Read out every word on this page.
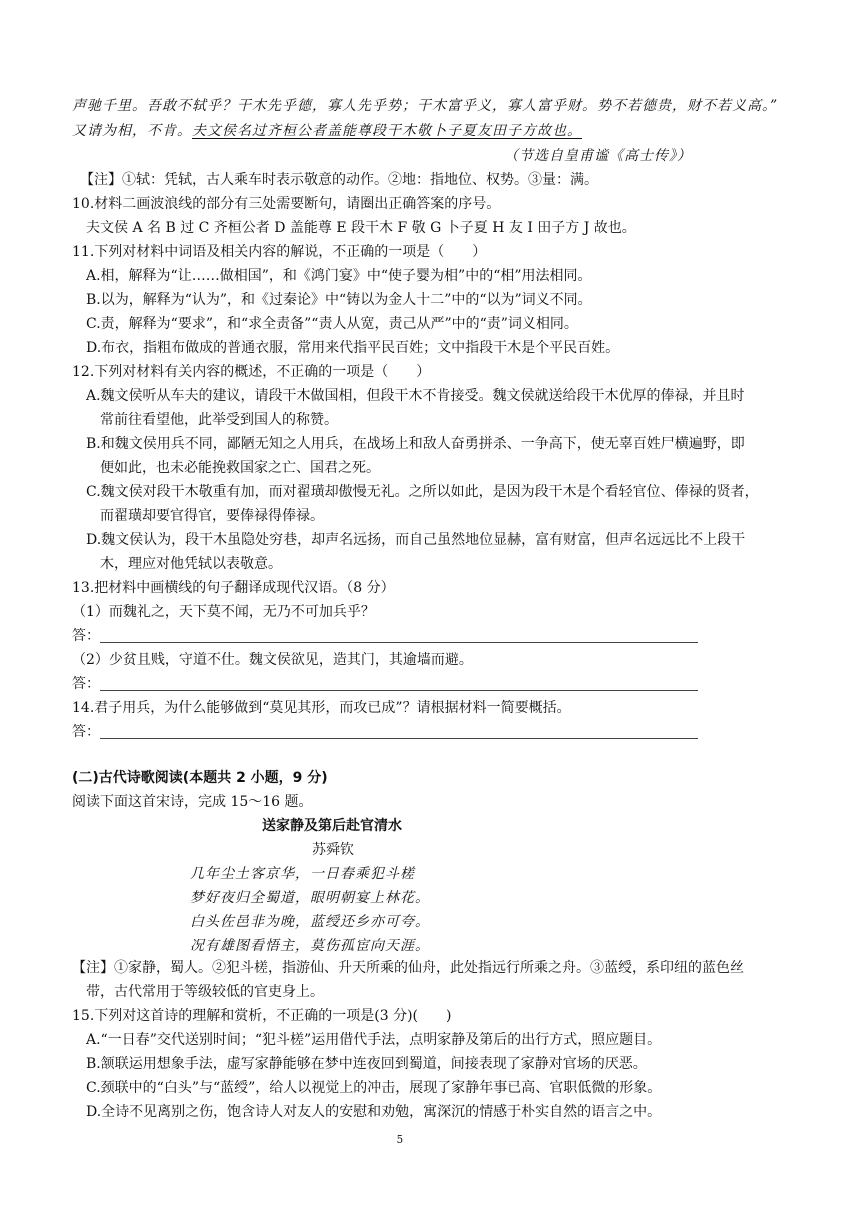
声驰千里。吾敢不轼乎？干木先乎德，寡人先乎势；干木富乎义，寡人富乎财。势不若德贵，财不若义高。”
又请为相，不肯。夫文侯名过齐桓公者盖能尊段干木敬卜子夏友田子方故也。
（节选自皇甫谧《高士传》）
【注】①轼：凭轼，古人乘车时表示敬意的动作。②地：指地位、权势。③量：满。
10.材料二画波浪线的部分有三处需要断句，请圈出正确答案的序号。
夫文侯 A 名 B 过 C 齐桓公者 D 盖能尊 E 段干木 F 敬 G 卜子夏 H 友 I 田子方 J 故也。
11.下列对材料中词语及相关内容的解说，不正确的一项是（　　）
A.相，解释为“让……做相国”，和《鸿门宴》中“使子婴为相”中的“相”用法相同。
B.以为，解释为“认为”，和《过秦论》中“铸以为金人十二”中的“以为”词义不同。
C.责，解释为“要求”，和“求全责备”“责人从宽，责己从严”中的“责”词义相同。
D.布衣，指粗布做成的普通衣服，常用来代指平民百姓；文中指段干木是个平民百姓。
12.下列对材料有关内容的概述，不正确的一项是（　　）
A.魏文侯听从车夫的建议，请段干木做国相，但段干木不肯接受。魏文侯就送给段干木优厚的俸禄，并且时
常前往看望他，此举受到国人的称赞。
B.和魏文侯用兵不同，鄙陋无知之人用兵，在战场上和敌人奋勇拼杀、一争高下，使无辜百姓尸横遍野，即
便如此，也未必能挽救国家之亡、国君之死。
C.魏文侯对段干木敬重有加，而对翟璜却傲慢无礼。之所以如此，是因为段干木是个看轻官位、俸禄的贤者，
而翟璜却要官得官，要俸禄得俸禄。
D.魏文侯认为，段干木虽隐处穷巷，却声名远扬，而自己虽然地位显赫，富有财富，但声名远远比不上段干
木，理应对他凭轼以表敬意。
13.把材料中画横线的句子翻译成现代汉语。（8 分）
（1）而魏礼之，天下莫不闻，无乃不可加兵乎？
答：
（2）少贫且贱，守道不仕。魏文侯欲见，造其门，其逾墙而避。
答：
14.君子用兵，为什么能够做到“莫见其形，而攻已成”？请根据材料一简要概括。
答：
(二)古代诗歌阅读(本题共 2 小题，9 分)
阅读下面这首宋诗，完成 15～16 题。
送家静及第后赴官清水
苏舜钦
几年尘土客京华，一日春乘犯斗槎
梦好夜归全蜀道，眼明朝宴上林花。
白头佐邑非为晚，蓝绶还乡亦可夸。
况有雄图看悟主，莫伤孤宦向天涯。
【注】①家静，蜀人。②犯斗槎，指游仙、升天所乘的仙舟，此处指远行所乘之舟。③蓝绶，系印纽的蓝色丝
带，古代常用于等级较低的官吏身上。
15.下列对这首诗的理解和赏析，不正确的一项是(3 分)(　　)
A.“一日春”交代送别时间；“犯斗槎”运用借代手法，点明家静及第后的出行方式，照应题目。
B.颔联运用想象手法，虚写家静能够在梦中连夜回到蜀道，间接表现了家静对官场的厌恶。
C.颈联中的“白头”与“蓝绶”，给人以视觉上的冲击，展现了家静年事已高、官职低微的形象。
D.全诗不见离别之伤，饱含诗人对友人的安慰和劝勉，寓深沉的情感于朴实自然的语言之中。
5
